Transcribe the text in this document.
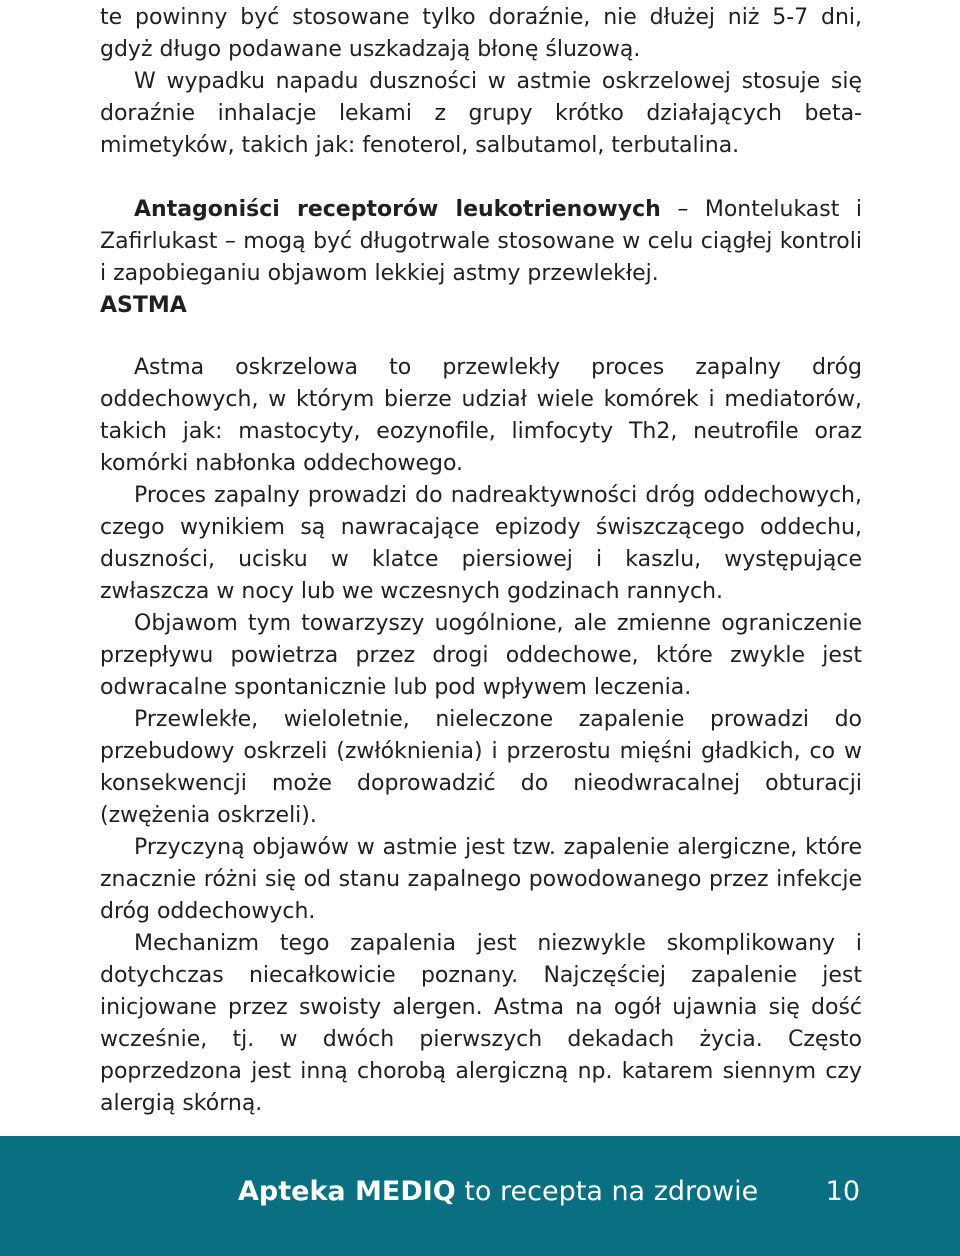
te powinny być stosowane tylko doraźnie, nie dłużej niż 5-7 dni, gdyż długo podawane uszkadzają błonę śluzową.

W wypadku napadu duszności w astmie oskrzelowej stosuje się doraźnie inhalacje lekami z grupy krótko działających beta-mimetyków, takich jak: fenoterol, salbutamol, terbutalina.

Antagoniści receptorów leukotrienowych – Montelukast i Zafirlukast – mogą być długotrwale stosowane w celu ciągłej kontroli i zapobieganiu objawom lekkiej astmy przewlekłej.

ASTMA

Astma oskrzelowa to przewlekły proces zapalny dróg oddechowych, w którym bierze udział wiele komórek i mediatorów, takich jak: mastocyty, eozynofile, limfocyty Th2, neutrofile oraz komórki nabłonka oddechowego.

Proces zapalny prowadzi do nadreaktywności dróg oddechowych, czego wynikiem są nawracające epizody świszczącego oddechu, duszności, ucisku w klatce piersiowej i kaszlu, występujące zwłaszcza w nocy lub we wczesnych godzinach rannych.

Objawom tym towarzyszy uogólnione, ale zmienne ograniczenie przepływu powietrza przez drogi oddechowe, które zwykle jest odwracalne spontanicznie lub pod wpływem leczenia.

Przewlekłe, wieloletnie, nieleczone zapalenie prowadzi do przebudowy oskrzeli (zwłóknienia) i przerostu mięśni gładkich, co w konsekwencji może doprowadzić do nieodwracalnej obturacji (zwężenia oskrzeli).

Przyczyną objawów w astmie jest tzw. zapalenie alergiczne, które znacznie różni się od stanu zapalnego powodowanego przez infekcje dróg oddechowych.

Mechanizm tego zapalenia jest niezwykle skomplikowany i dotychczas niecałkowicie poznany. Najczęściej zapalenie jest inicjowane przez swoisty alergen. Astma na ogół ujawnia się dość wcześnie, tj. w dwóch pierwszych dekadach życia. Często poprzedzona jest inną chorobą alergiczną np. katarem siennym czy alergią skórną.

Apteka MEDIQ to recepta na zdrowie 10
